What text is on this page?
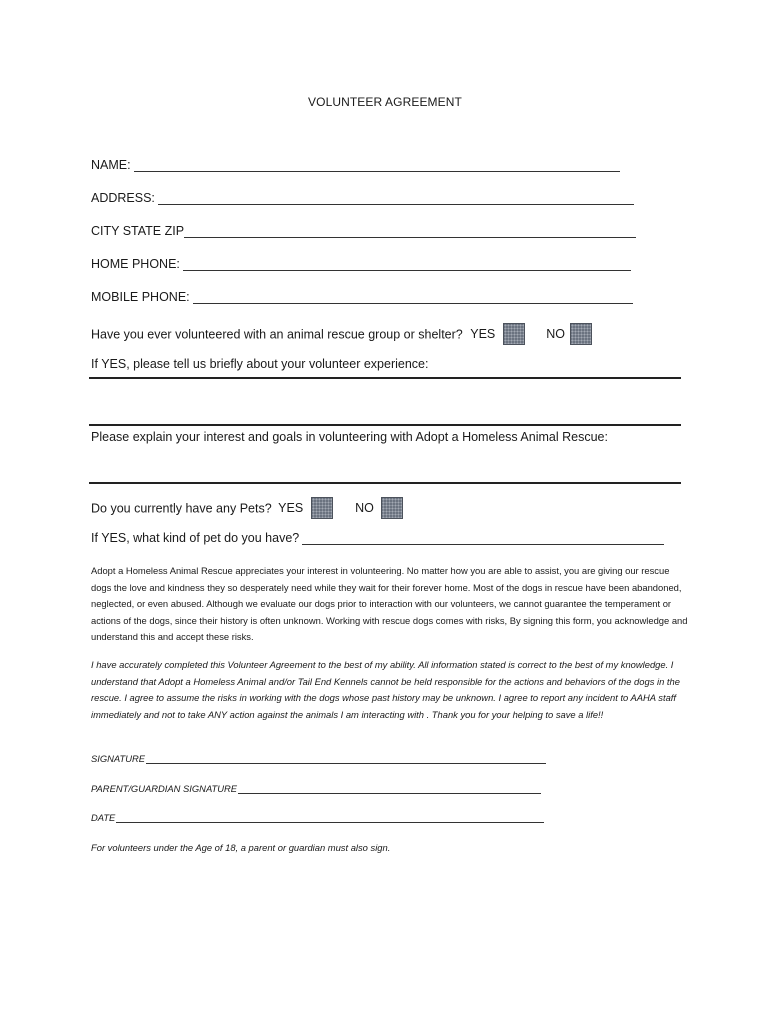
VOLUNTEER AGREEMENT
NAME:
ADDRESS:
CITY STATE ZIP
HOME PHONE:
MOBILE PHONE:
Have you ever volunteered with an animal rescue group or shelter? YES	NO
If YES, please tell us briefly about your volunteer experience:
Please explain your interest and goals in volunteering with Adopt a Homeless Animal Rescue:
Do you currently have any Pets? YES	NO
If YES, what kind of pet do you have?
Adopt a Homeless Animal Rescue appreciates your interest in volunteering. No matter how you are able to assist, you are giving our rescue dogs the love and kindness they so desperately need while they wait for their forever home. Most of the dogs in rescue have been abandoned, neglected, or even abused. Although we evaluate our dogs prior to interaction with our volunteers, we cannot guarantee the temperament or actions of the dogs, since their history is often unknown. Working with rescue dogs comes with risks, By signing this form, you acknowledge and understand this and accept these risks.
I have accurately completed this Volunteer Agreement to the best of my ability. All information stated is correct to the best of my knowledge. I understand that Adopt a Homeless Animal and/or Tail End Kennels cannot be held responsible for the actions and behaviors of the dogs in the rescue. I agree to assume the risks in working with the dogs whose past history may be unknown. I agree to report any incident to AAHA staff immediately and not to take ANY action against the animals I am interacting with . Thank you for your helping to save a life!!
SIGNATURE
PARENT/GUARDIAN SIGNATURE
DATE
For volunteers under the Age of 18, a parent or guardian must also sign.
